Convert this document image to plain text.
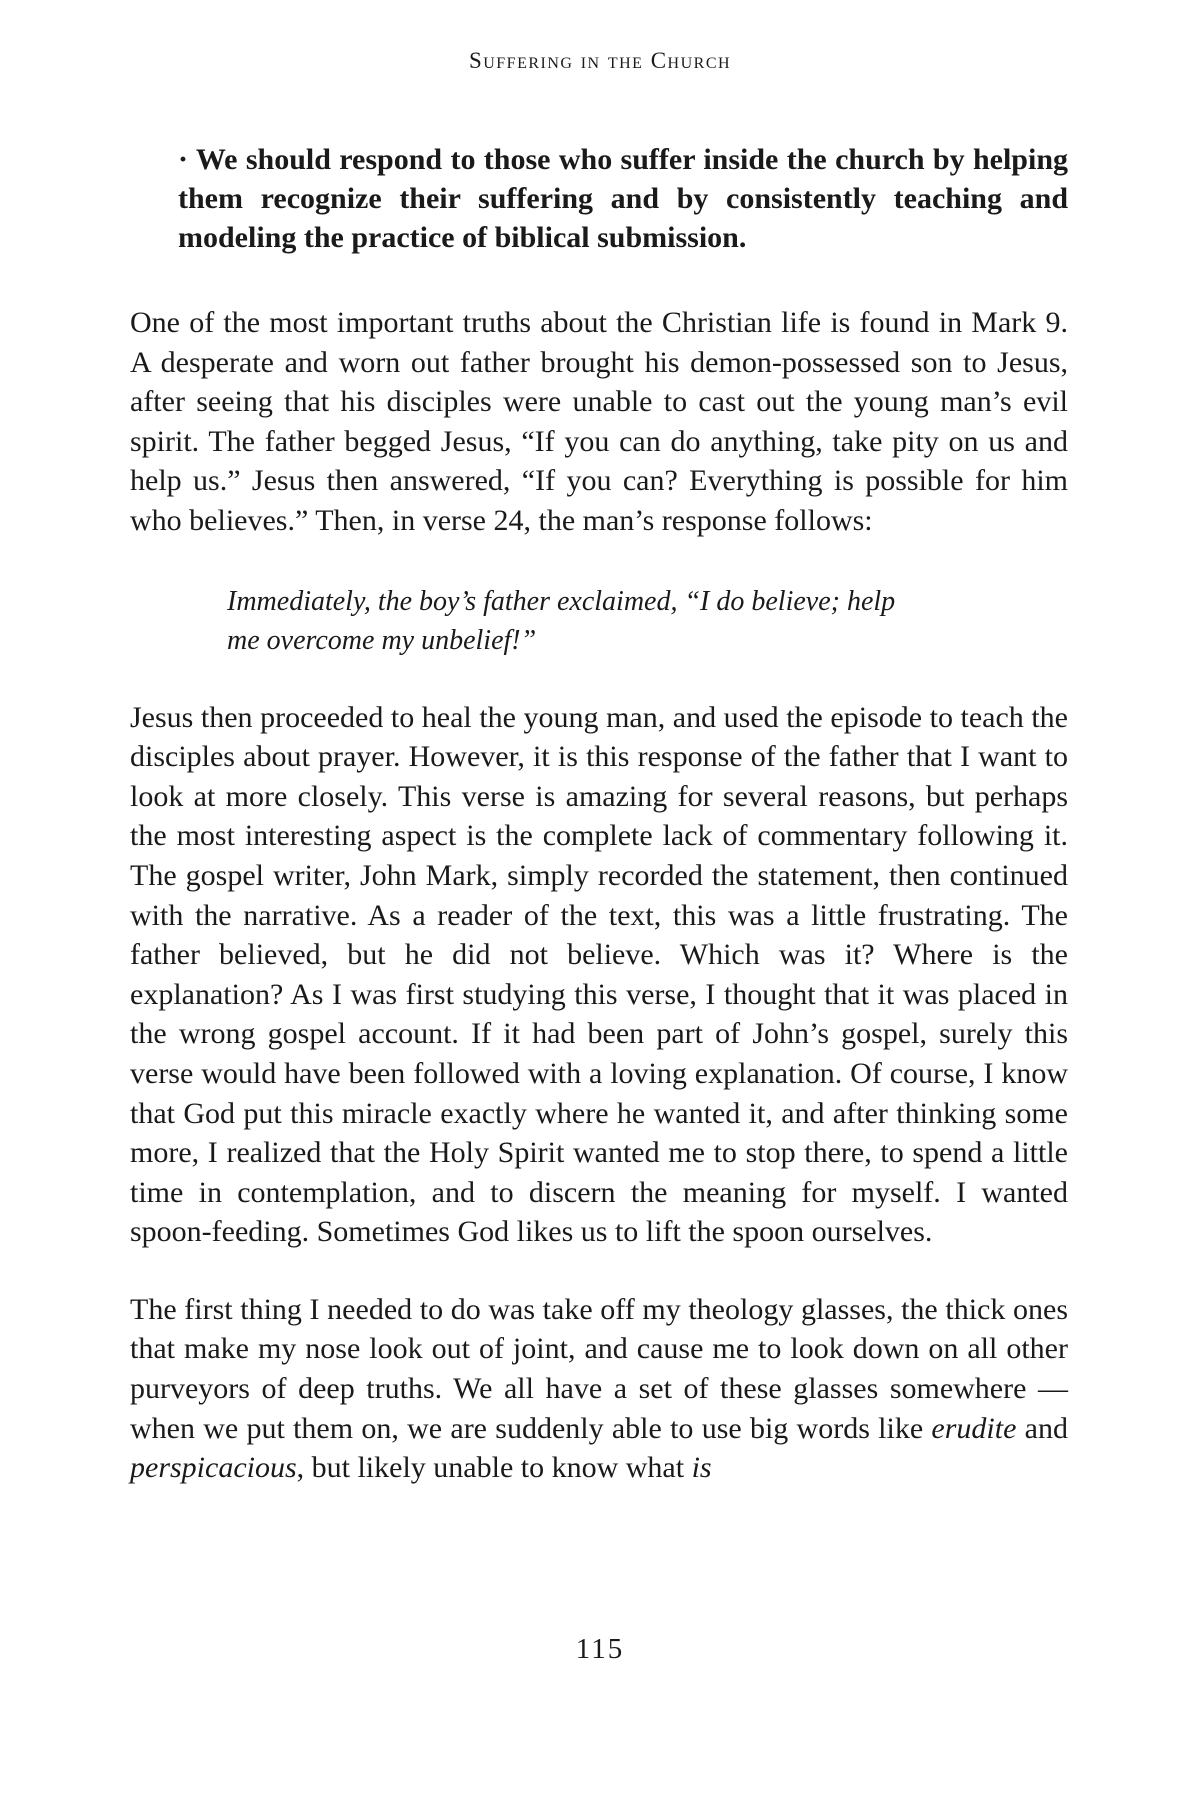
Suffering in the Church

· We should respond to those who suffer inside the church by helping them recognize their suffering and by consistently teaching and modeling the practice of biblical submission.

One of the most important truths about the Christian life is found in Mark 9. A desperate and worn out father brought his demon-possessed son to Jesus, after seeing that his disciples were unable to cast out the young man’s evil spirit. The father begged Jesus, “If you can do anything, take pity on us and help us.” Jesus then answered, “If you can? Everything is possible for him who believes.” Then, in verse 24, the man’s response follows:

Immediately, the boy’s father exclaimed, “I do believe; help me overcome my unbelief!”

Jesus then proceeded to heal the young man, and used the episode to teach the disciples about prayer. However, it is this response of the father that I want to look at more closely. This verse is amazing for several reasons, but perhaps the most interesting aspect is the complete lack of commentary following it. The gospel writer, John Mark, simply recorded the statement, then continued with the narrative. As a reader of the text, this was a little frustrating. The father believed, but he did not believe. Which was it? Where is the explanation? As I was first studying this verse, I thought that it was placed in the wrong gospel account. If it had been part of John’s gospel, surely this verse would have been followed with a loving explanation. Of course, I know that God put this miracle exactly where he wanted it, and after thinking some more, I realized that the Holy Spirit wanted me to stop there, to spend a little time in contemplation, and to discern the meaning for myself. I wanted spoon-feeding. Sometimes God likes us to lift the spoon ourselves.

The first thing I needed to do was take off my theology glasses, the thick ones that make my nose look out of joint, and cause me to look down on all other purveyors of deep truths. We all have a set of these glasses somewhere — when we put them on, we are suddenly able to use big words like erudite and perspicacious, but likely unable to know what is

115
